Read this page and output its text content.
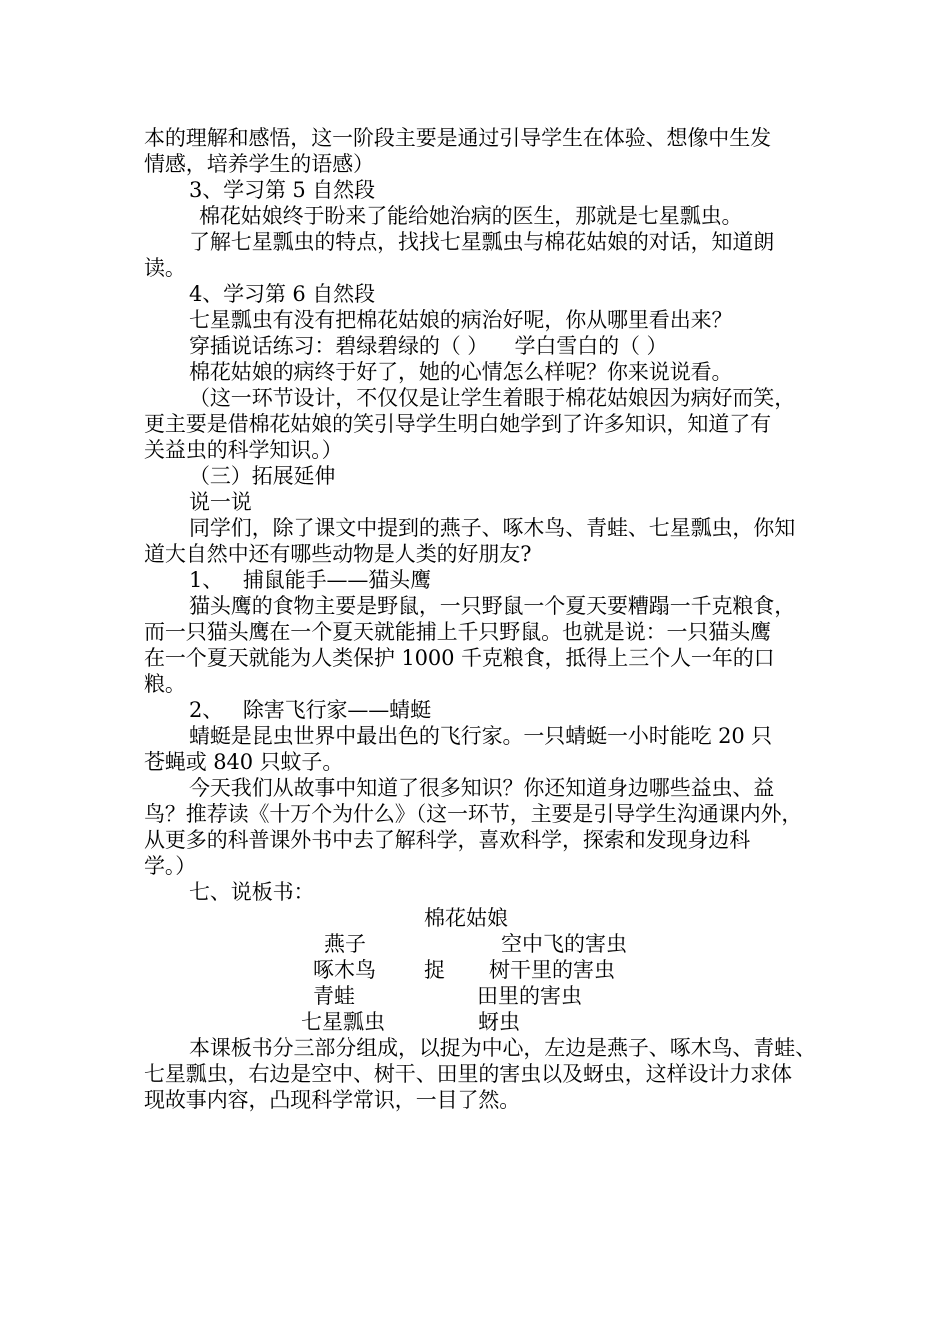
本的理解和感悟，这一阶段主要是通过引导学生在体验、想像中生发
情感，培养学生的语感）
3、学习第 5 自然段
棉花姑娘终于盼来了能给她治病的医生，那就是七星瓢虫。
了解七星瓢虫的特点，找找七星瓢虫与棉花姑娘的对话，知道朗
读。
4、学习第 6 自然段
七星瓢虫有没有把棉花姑娘的病治好呢，你从哪里看出来？
穿插说话练习：碧绿碧绿的（ ）    学白雪白的（ ）
棉花姑娘的病终于好了，她的心情怎么样呢？你来说说看。
（这一环节设计，不仅仅是让学生着眼于棉花姑娘因为病好而笑，
更主要是借棉花姑娘的笑引导学生明白她学到了许多知识，知道了有
关益虫的科学知识。）
（三）拓展延伸
说一说
同学们，除了课文中提到的燕子、啄木鸟、青蛙、七星瓢虫，你知
道大自然中还有哪些动物是人类的好朋友?
1、   捕鼠能手——猫头鹰
猫头鹰的食物主要是野鼠，一只野鼠一个夏天要糟蹋一千克粮食，
而一只猫头鹰在一个夏天就能捕上千只野鼠。也就是说：一只猫头鹰
在一个夏天就能为人类保护 1000 千克粮食，抵得上三个人一年的口
粮。
2、   除害飞行家——蜻蜓
蜻蜓是昆虫世界中最出色的飞行家。一只蜻蜓一小时能吃 20 只
苍蝇或 840 只蚊子。
今天我们从故事中知道了很多知识？你还知道身边哪些益虫、益
鸟？推荐读《十万个为什么》（这一环节，主要是引导学生沟通课内外，
从更多的科普课外书中去了解科学，喜欢科学，探索和发现身边科
学。）
七、说板书：
棉花姑娘
燕子
啄木鸟
青蛙
七星瓢虫
捉
空中飞的害虫
树干里的害虫
田里的害虫
蚜虫
本课板书分三部分组成，以捉为中心，左边是燕子、啄木鸟、青蛙、
七星瓢虫，右边是空中、树干、田里的害虫以及蚜虫，这样设计力求体
现故事内容，凸现科学常识，一目了然。
